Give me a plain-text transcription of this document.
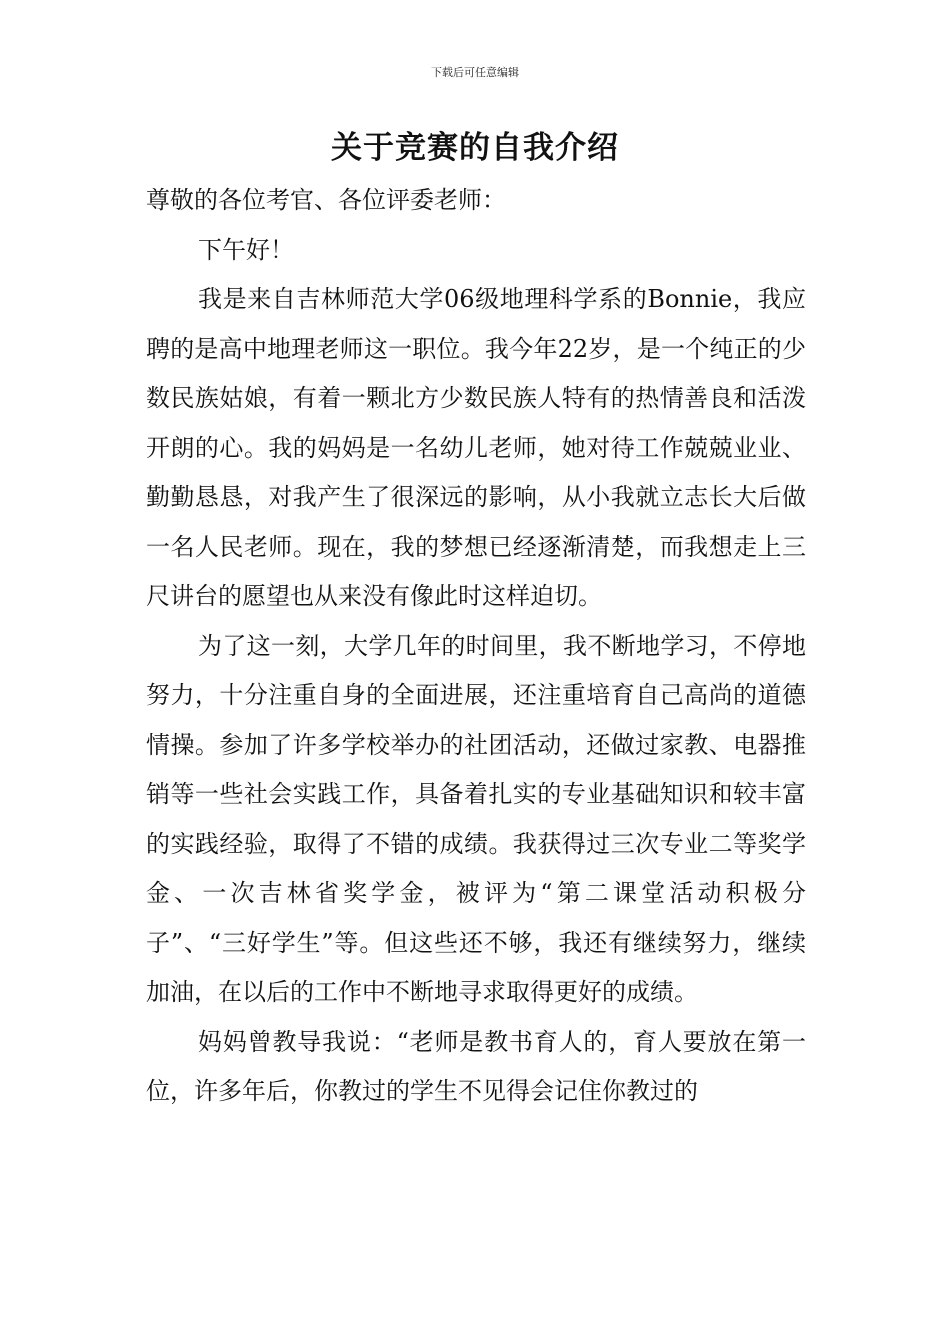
下载后可任意编辑
关于竞赛的自我介绍

尊敬的各位考官、各位评委老师：

下午好！

我是来自吉林师范大学06级地理科学系的Bonnie，我应聘的是高中地理老师这一职位。我今年22岁，是一个纯正的少数民族姑娘，有着一颗北方少数民族人特有的热情善良和活泼开朗的心。我的妈妈是一名幼儿老师，她对待工作兢兢业业、勤勤恳恳，对我产生了很深远的影响，从小我就立志长大后做一名人民老师。现在，我的梦想已经逐渐清楚，而我想走上三尺讲台的愿望也从来没有像此时这样迫切。

为了这一刻，大学几年的时间里，我不断地学习，不停地努力，十分注重自身的全面进展，还注重培育自己高尚的道德情操。参加了许多学校举办的社团活动，还做过家教、电器推销等一些社会实践工作，具备着扎实的专业基础知识和较丰富的实践经验，取得了不错的成绩。我获得过三次专业二等奖学金、一次吉林省奖学金，被评为“第二课堂活动积极分子”、“三好学生”等。但这些还不够，我还有继续努力，继续加油，在以后的工作中不断地寻求取得更好的成绩。

妈妈曾教导我说：“老师是教书育人的，育人要放在第一位，许多年后，你教过的学生不见得会记住你教过的
